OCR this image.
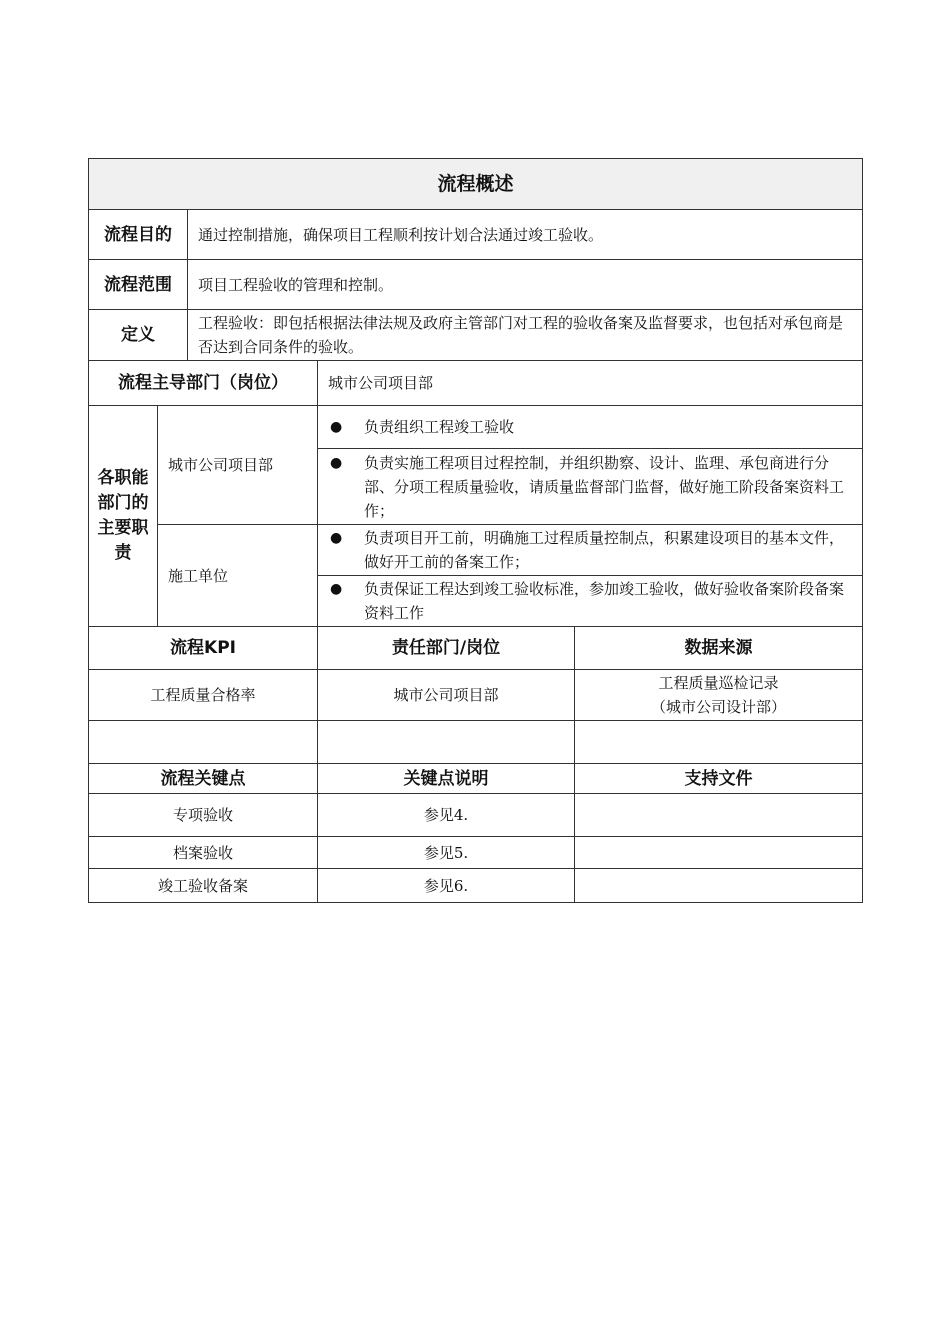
流程概述				
流程目的		通过控制措施，确保项目工程顺利按计划合法通过竣工验收。		
流程范围		项目工程验收的管理和控制。		
定义		工程验收：即包括根据法律法规及政府主管部门对工程的验收备案及监督要求，也包括对承包商是否达到合同条件的验收。		
流程主导部门（岗位）			城市公司项目部	
各职能部门的主要职责	城市公司项目部		● 负责组织工程竣工验收	

			● 负责实施工程项目过程控制，并组织勘察、设计、监理、承包商进行分部、分项工程质量验收，请质量监督部门监督，做好施工阶段备案资料工作；	

	施工单位		● 负责项目开工前，明确施工过程质量控制点，积累建设项目的基本文件，做好开工前的备案工作；	

			● 负责保证工程达到竣工验收标准，参加竣工验收，做好验收备案阶段备案资料工作	

流程KPI			责任部门/岗位	数据来源
工程质量合格率			城市公司项目部	工程质量巡检记录
（城市公司设计部）

流程关键点			关键点说明	支持文件
专项验收			参见4.	
档案验收			参见5.	
竣工验收备案			参见6.	
